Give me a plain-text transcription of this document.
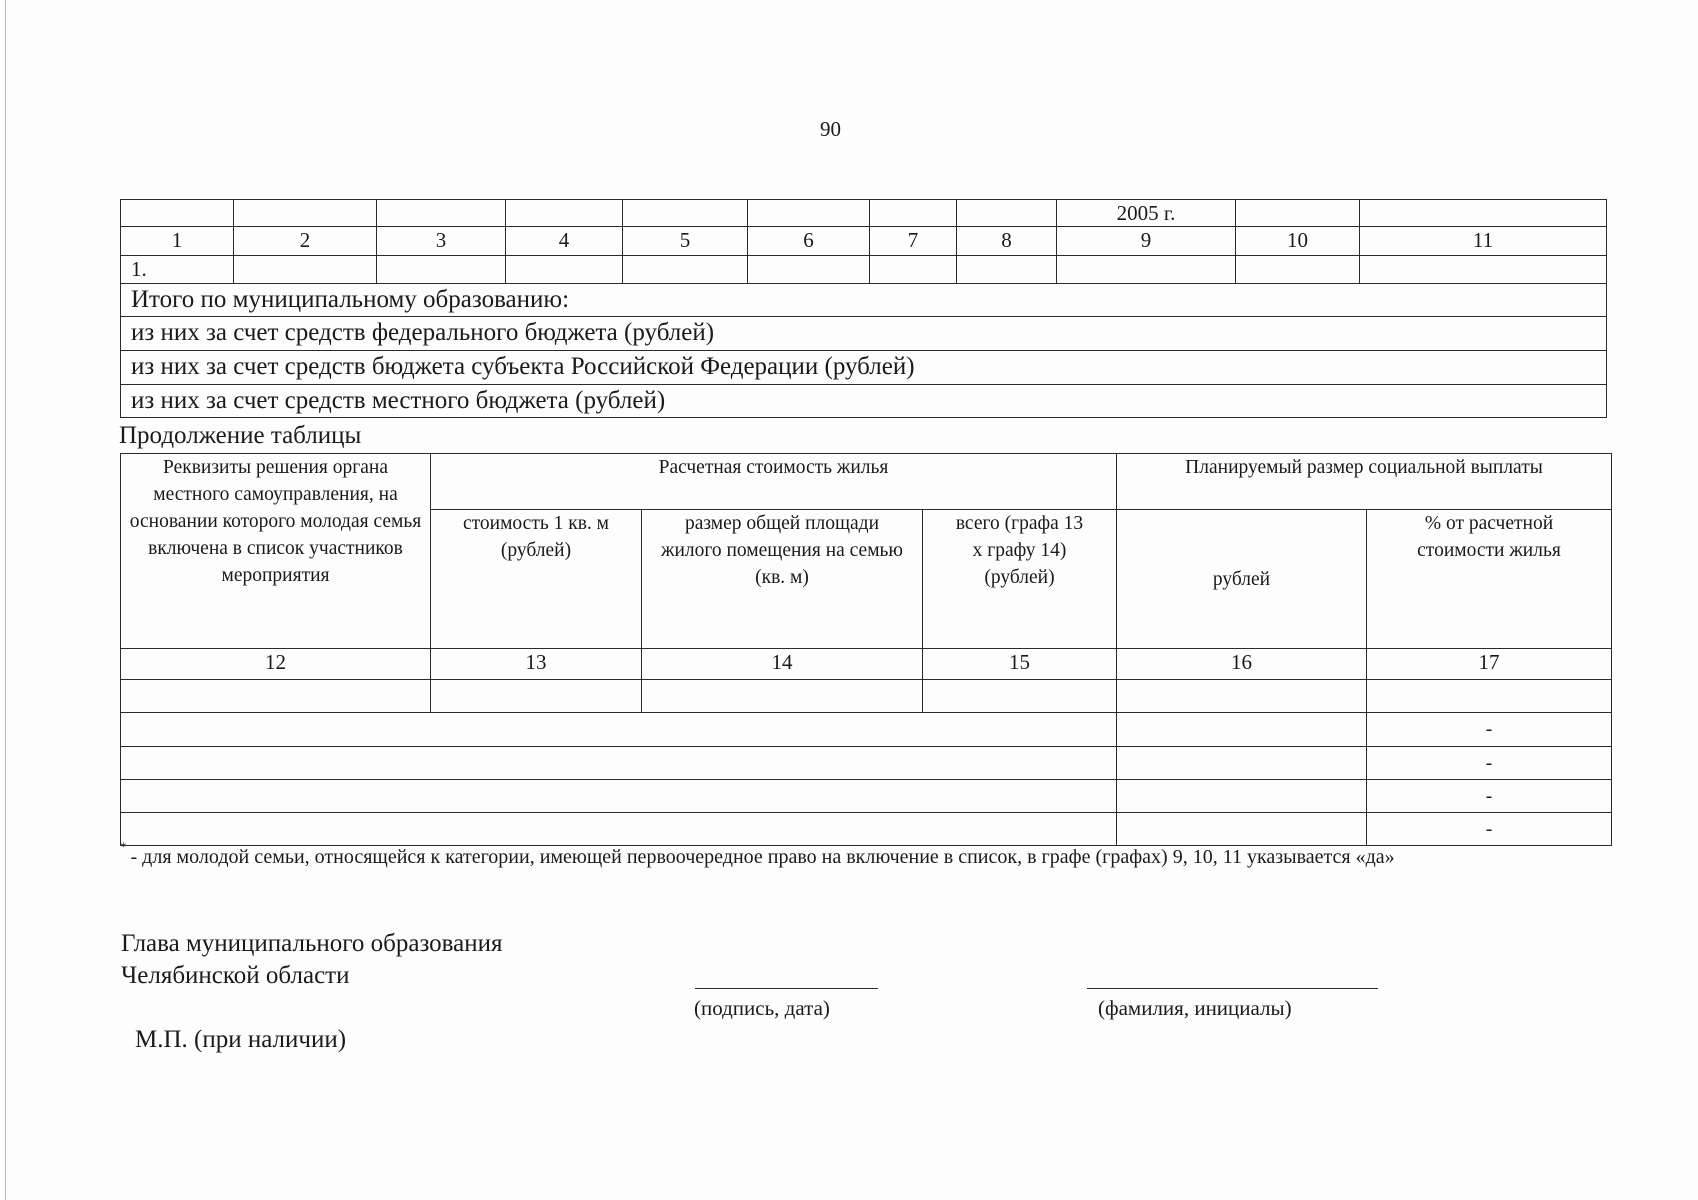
90
								2005 г.		
1	2	3	4	5	6	7	8	9	10	11
1.										
Итого по муниципальному образованию:										
из них за счет средств федерального бюджета (рублей)										
из них за счет средств бюджета субъекта Российской Федерации (рублей)										
из них за счет средств местного бюджета (рублей)										
Продолжение таблицы
Реквизиты решения органа местного самоуправления, на основании которого молодая семья включена в список участников мероприятия	Расчетная стоимость жилья			Планируемый размер социальной выплаты	
	стоимость 1 кв. м (рублей)	размер общей площади жилого помещения на семью (кв. м)	всего (графа 13 х графу 14) (рублей)	рублей	% от расчетной стоимости жилья
12	13	14	15	16	17

					-
					-
					-
					-
* - для молодой семьи, относящейся к категории, имеющей первоочередное право на включение в список, в графе (графах) 9, 10, 11 указывается «да»
Глава муниципального образования
Челябинской области
(подпись, дата)	(фамилия, инициалы)
М.П. (при наличии)
